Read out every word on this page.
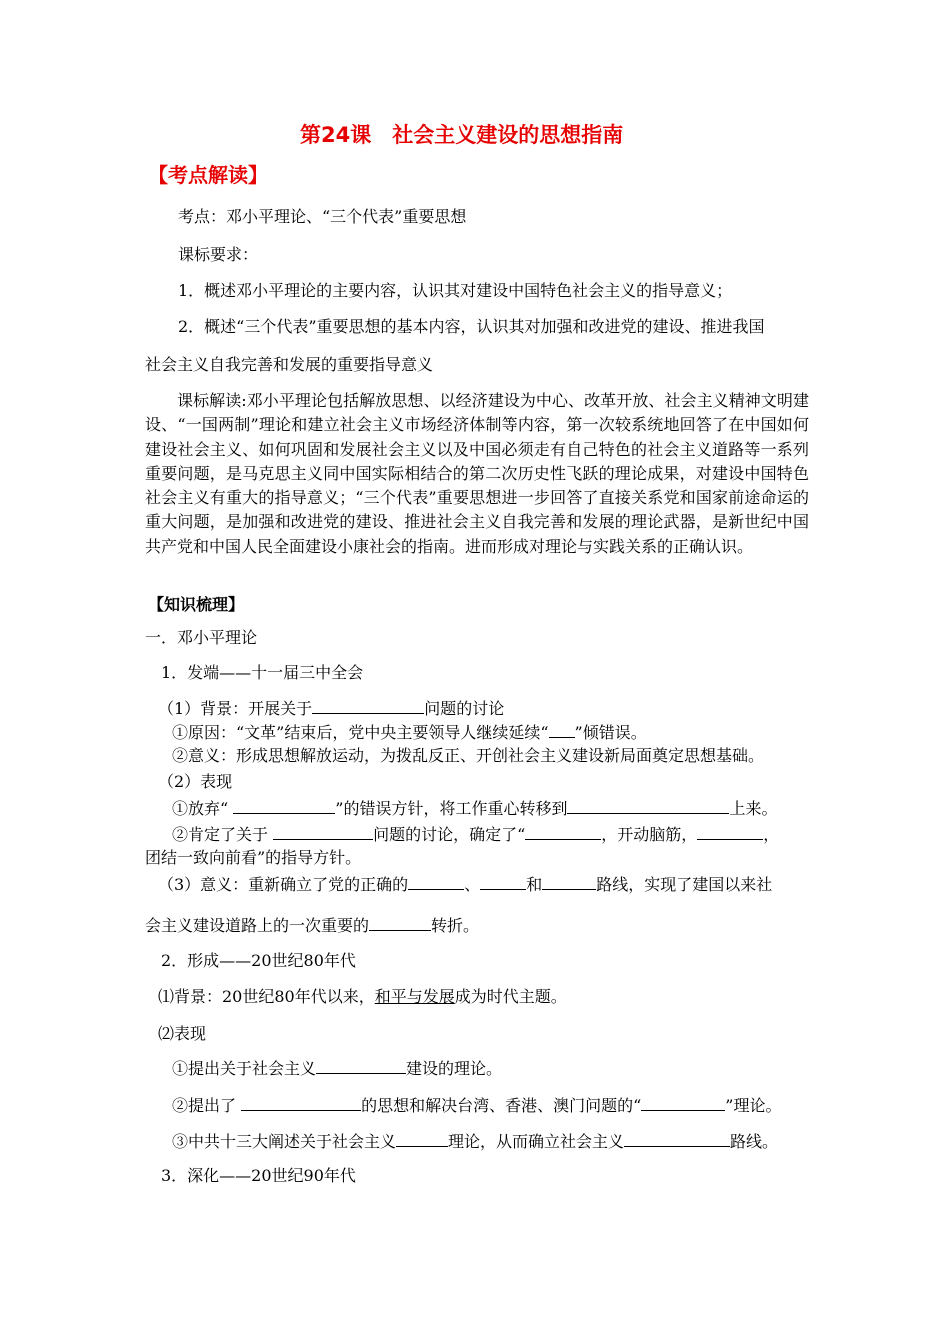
第24课　社会主义建设的思想指南
【考点解读】
考点：邓小平理论、“三个代表”重要思想
课标要求：
1．概述邓小平理论的主要内容，认识其对建设中国特色社会主义的指导意义；
2．概述“三个代表”重要思想的基本内容，认识其对加强和改进党的建设、推进我国
社会主义自我完善和发展的重要指导意义
课标解读:邓小平理论包括解放思想、以经济建设为中心、改革开放、社会主义精神文明建设、“一国两制”理论和建立社会主义市场经济体制等内容，第一次较系统地回答了在中国如何建设社会主义、如何巩固和发展社会主义以及中国必须走有自己特色的社会主义道路等一系列重要问题，是马克思主义同中国实际相结合的第二次历史性飞跃的理论成果，对建设中国特色社会主义有重大的指导意义；“三个代表”重要思想进一步回答了直接关系党和国家前途命运的重大问题，是加强和改进党的建设、推进社会主义自我完善和发展的理论武器，是新世纪中国共产党和中国人民全面建设小康社会的指南。进而形成对理论与实践关系的正确认识。
【知识梳理】
一．邓小平理论
1．发端——十一届三中全会
（1）背景：开展关于	问题的讨论
①原因：“文革”结束后，党中央主要领导人继续延续“ ”倾错误。
②意义：形成思想解放运动，为拨乱反正、开创社会主义建设新局面奠定思想基础。
（2）表现
①放弃“	”的错误方针，将工作重心转移到	上来。
②肯定了关于	问题的讨论，确定了“	，开动脑筋，	，
团结一致向前看”的指导方针。
（3）意义：重新确立了党的正确的	、	和	路线，实现了建国以来社
会主义建设道路上的一次重要的	转折。
2．形成——20世纪80年代
⑴背景：20世纪80年代以来，和平与发展成为时代主题。
⑵表现
①提出关于社会主义	建设的理论。
②提出了	的思想和解决台湾、香港、澳门问题的“	”理论。
③中共十三大阐述关于社会主义	理论，从而确立社会主义	路线。
3．深化——20世纪90年代
